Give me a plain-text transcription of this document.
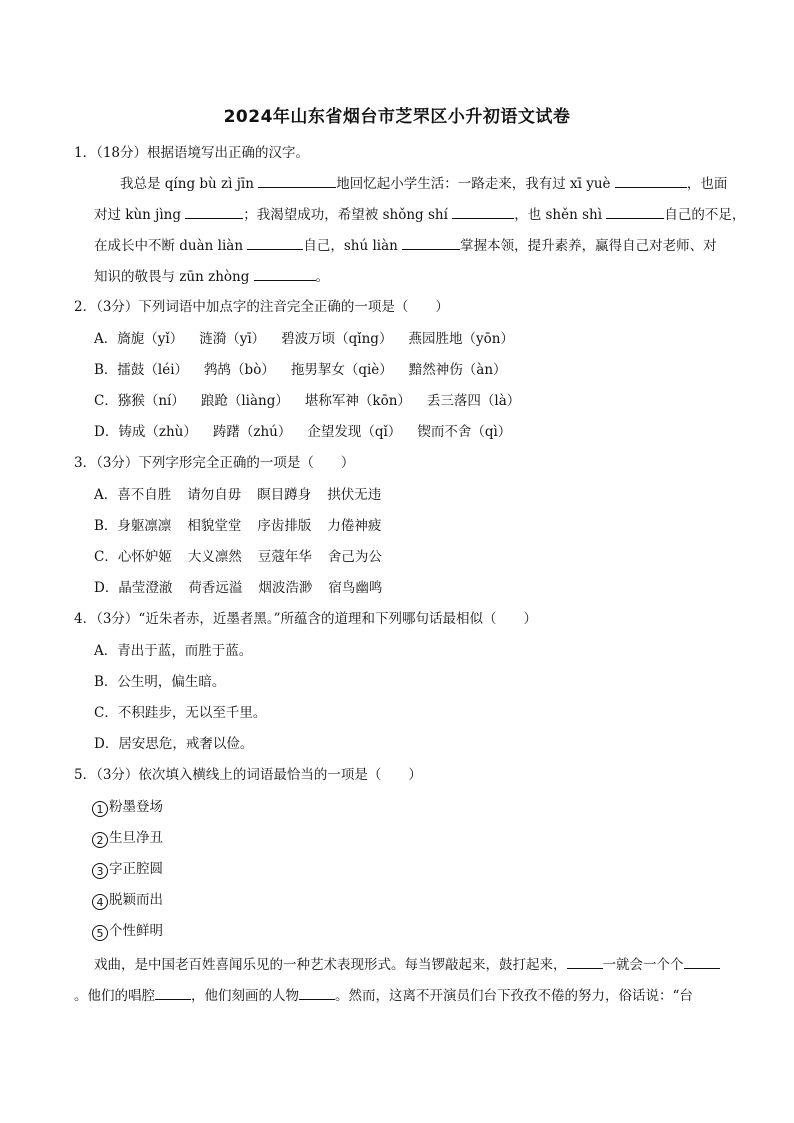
2024年山东省烟台市芝罘区小升初语文试卷
1．（18分）根据语境写出正确的汉字。
我总是 qíng bù zì jīn	地回忆起小学生活：一路走来，我有过 xī yuè	，也面
对过 kùn jìng	；我渴望成功，希望被 shǒng shí	，也 shěn shì	自己的不足，
在成长中不断 duàn liàn	自己，shú liàn	掌握本领，提升素养，赢得自己对老师、对
知识的敬畏与 zūn zhòng	。
2．（3分）下列词语中加点字的注音完全正确的一项是（　　）
A．旖旎（yǐ） 涟漪（yī） 碧波万顷（qǐng） 燕园胜地（yōn）
B．擂鼓（léi） 鹁鸪（bò） 拖男挈女（qiè） 黯然神伤（àn）
C．猕猴（ní） 踉跄（liàng） 堪称军神（kōn） 丢三落四（là）
D．铸成（zhù） 踌躇（zhú） 企望发现（qǐ） 锲而不舍（qì）
3．（3分）下列字形完全正确的一项是（　　）
A．喜不自胜 请勿自毋 瞑目蹲身 拱伏无违
B．身躯凛凛 相貌堂堂 序齿排版 力倦神疲
C．心怀妒姬 大义凛然 豆蔻年华 舍己为公
D．晶莹澄澈 荷香远溢 烟波浩渺 宿鸟幽鸣
4．（3分）“近朱者赤，近墨者黑。”所蕴含的道理和下列哪句话最相似（　　）
A．青出于蓝，而胜于蓝。
B．公生明，偏生暗。
C．不积跬步，无以至千里。
D．居安思危，戒奢以俭。
5．（3分）依次填入横线上的词语最恰当的一项是（　　）
1 粉墨登场
2 生旦净丑
3 字正腔圆
4 脱颖而出
5 个性鲜明
戏曲，是中国老百姓喜闻乐见的一种艺术表现形式。每当锣敲起来，鼓打起来，	一就会一个个
。他们的唱腔	，他们刻画的人物	。然而，这离不开演员们台下孜孜不倦的努力，俗话说：“台
